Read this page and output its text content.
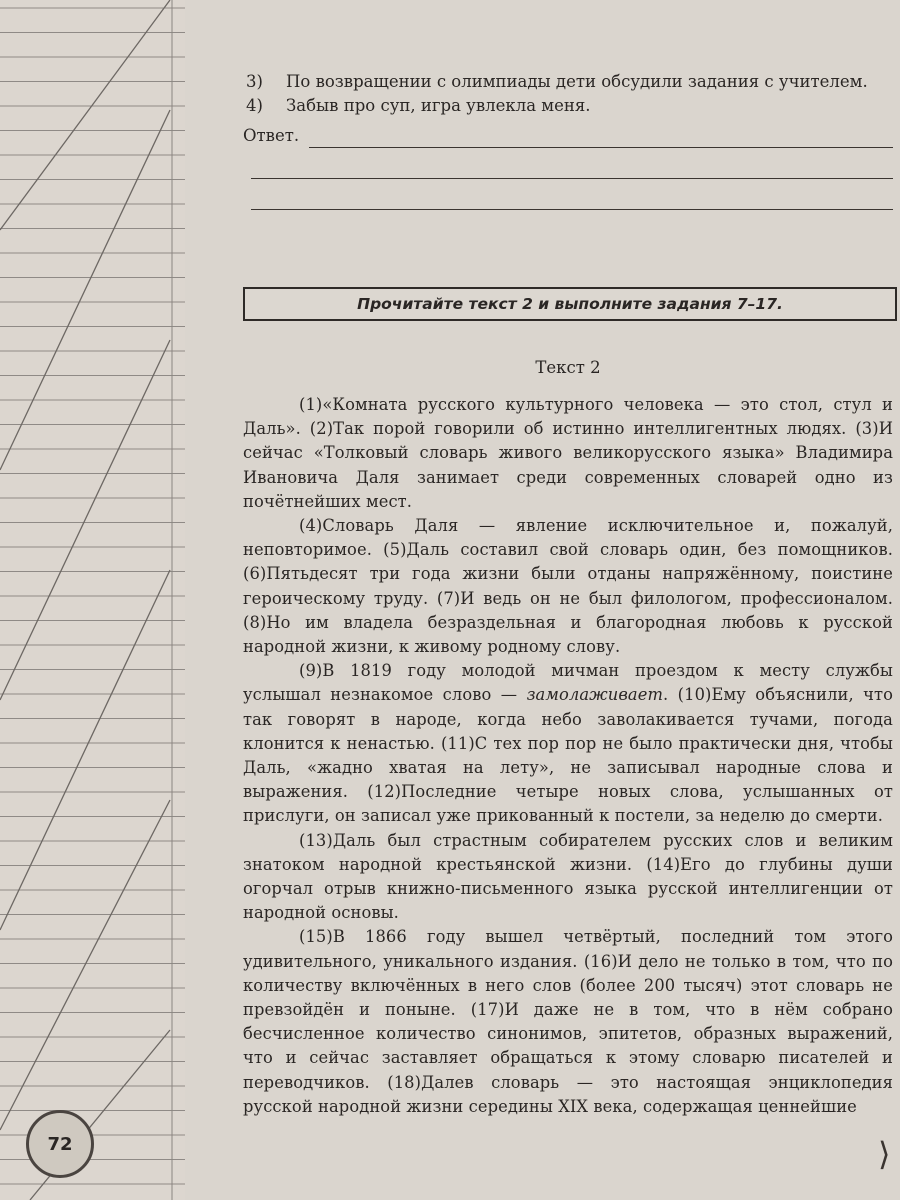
ﾠ
3)	По возвращении с олимпиады дети обсудили задания с учителем.
4)	Забыв про суп, игра увлекла меня.
Ответ.
Прочитайте текст 2 и выполните задания 7–17.
Текст 2

(1)«Комната русского культурного человека — это стол, стул и Даль». (2)Так порой говорили об истинно интеллигентных людях. (3)И сейчас «Толковый словарь живого великорусского языка» Владимира Ивановича Даля занимает среди современных словарей одно из почётнейших мест.

(4)Словарь Даля — явление исключительное и, пожалуй, неповторимое. (5)Даль составил свой словарь один, без помощников. (6)Пятьдесят три года жизни были отданы напряжённому, поистине героическому труду. (7)И ведь он не был филологом, профессионалом. (8)Но им владела безраздельная и благородная любовь к русской народной жизни, к живому родному слову.

(9)В 1819 году молодой мичман проездом к месту службы услышал незнакомое слово — замолаживает. (10)Ему объяснили, что так говорят в народе, когда небо заволакивается тучами, погода клонится к ненастью. (11)С тех пор пор не было практически дня, чтобы Даль, «жадно хватая на лету», не записывал народные слова и выражения. (12)Последние четыре новых слова, услышанных от прислуги, он записал уже прикованный к постели, за неделю до смерти.

(13)Даль был страстным собирателем русских слов и великим знатоком народной крестьянской жизни. (14)Его до глубины души огорчал отрыв книжно-письменного языка русской интеллигенции от народной основы.

(15)В 1866 году вышел четвёртый, последний том этого удивительного, уникального издания. (16)И дело не только в том, что по количеству включённых в него слов (более 200 тысяч) этот словарь не превзойдён и поныне. (17)И даже не в том, что в нём собрано бесчисленное количество синонимов, эпитетов, образных выражений, что и сейчас заставляет обращаться к этому словарю писателей и переводчиков. (18)Далев словарь — это настоящая энциклопедия русской народной жизни середины XIX века, содержащая ценнейшие

72	⟩
